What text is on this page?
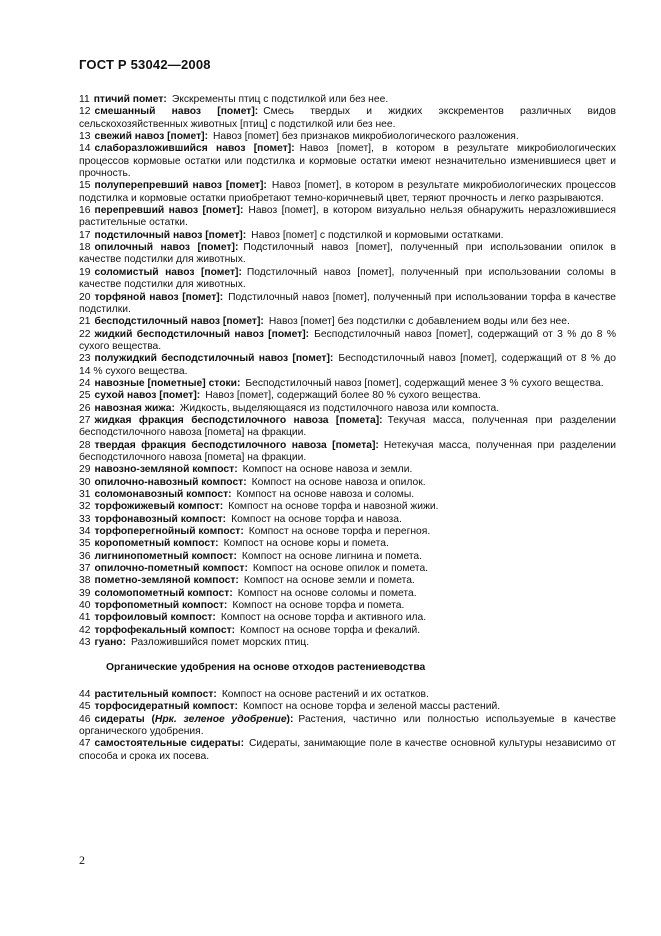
ГОСТ Р 53042—2008

11 птичий помет: Экскременты птиц с подстилкой или без нее.

12 смешанный навоз [помет]: Смесь твердых и жидких экскрементов различных видов сельскохозяйственных животных [птиц] с подстилкой или без нее.

13 свежий навоз [помет]: Навоз [помет] без признаков микробиологического разложения.

14 слаборазложившийся навоз [помет]: Навоз [помет], в котором в результате микробиологических процессов кормовые остатки или подстилка и кормовые остатки имеют незначительно изменившиеся цвет и прочность.

15 полуперепревший навоз [помет]: Навоз [помет], в котором в результате микробиологических процессов подстилка и кормовые остатки приобретают темно-коричневый цвет, теряют прочность и легко разрываются.

16 перепревший навоз [помет]: Навоз [помет], в котором визуально нельзя обнаружить неразложившиеся растительные остатки.

17 подстилочный навоз [помет]: Навоз [помет] с подстилкой и кормовыми остатками.

18 опилочный навоз [помет]: Подстилочный навоз [помет], полученный при использовании опилок в качестве подстилки для животных.

19 соломистый навоз [помет]: Подстилочный навоз [помет], полученный при использовании соломы в качестве подстилки для животных.

20 торфяной навоз [помет]: Подстилочный навоз [помет], полученный при использовании торфа в качестве подстилки.

21 бесподстилочный навоз [помет]: Навоз [помет] без подстилки с добавлением воды или без нее.

22 жидкий бесподстилочный навоз [помет]: Бесподстилочный навоз [помет], содержащий от 3 % до 8 % сухого вещества.

23 полужидкий бесподстилочный навоз [помет]: Бесподстилочный навоз [помет], содержащий от 8 % до 14 % сухого вещества.

24 навозные [пометные] стоки: Бесподстилочный навоз [помет], содержащий менее 3 % сухого вещества.

25 сухой навоз [помет]: Навоз [помет], содержащий более 80 % сухого вещества.

26 навозная жижа: Жидкость, выделяющаяся из подстилочного навоза или компоста.

27 жидкая фракция бесподстилочного навоза [помета]: Текучая масса, полученная при разделении бесподстилочного навоза [помета] на фракции.

28 твердая фракция бесподстилочного навоза [помета]: Нетекучая масса, полученная при разделении бесподстилочного навоза [помета] на фракции.

29 навозно-земляной компост: Компост на основе навоза и земли.

30 опилочно-навозный компост: Компост на основе навоза и опилок.

31 соломонавозный компост: Компост на основе навоза и соломы.

32 торфожижевый компост: Компост на основе торфа и навозной жижи.

33 торфонавозный компост: Компост на основе торфа и навоза.

34 торфоперегнойный компост: Компост на основе торфа и перегноя.

35 коропометный компост: Компост на основе коры и помета.

36 лигнинопометный компост: Компост на основе лигнина и помета.

37 опилочно-пометный компост: Компост на основе опилок и помета.

38 пометно-земляной компост: Компост на основе земли и помета.

39 соломопометный компост: Компост на основе соломы и помета.

40 торфопометный компост: Компост на основе торфа и помета.

41 торфоиловый компост: Компост на основе торфа и активного ила.

42 торфофекальный компост: Компост на основе торфа и фекалий.

43 гуано: Разложившийся помет морских птиц.

Органические удобрения на основе отходов растениеводства

44 растительный компост: Компост на основе растений и их остатков.

45 торфосидератный компост: Компост на основе торфа и зеленой массы растений.

46 сидераты (Нрк. зеленое удобрение): Растения, частично или полностью используемые в качестве органического удобрения.

47 самостоятельные сидераты: Сидераты, занимающие поле в качестве основной культуры независимо от способа и срока их посева.

2
